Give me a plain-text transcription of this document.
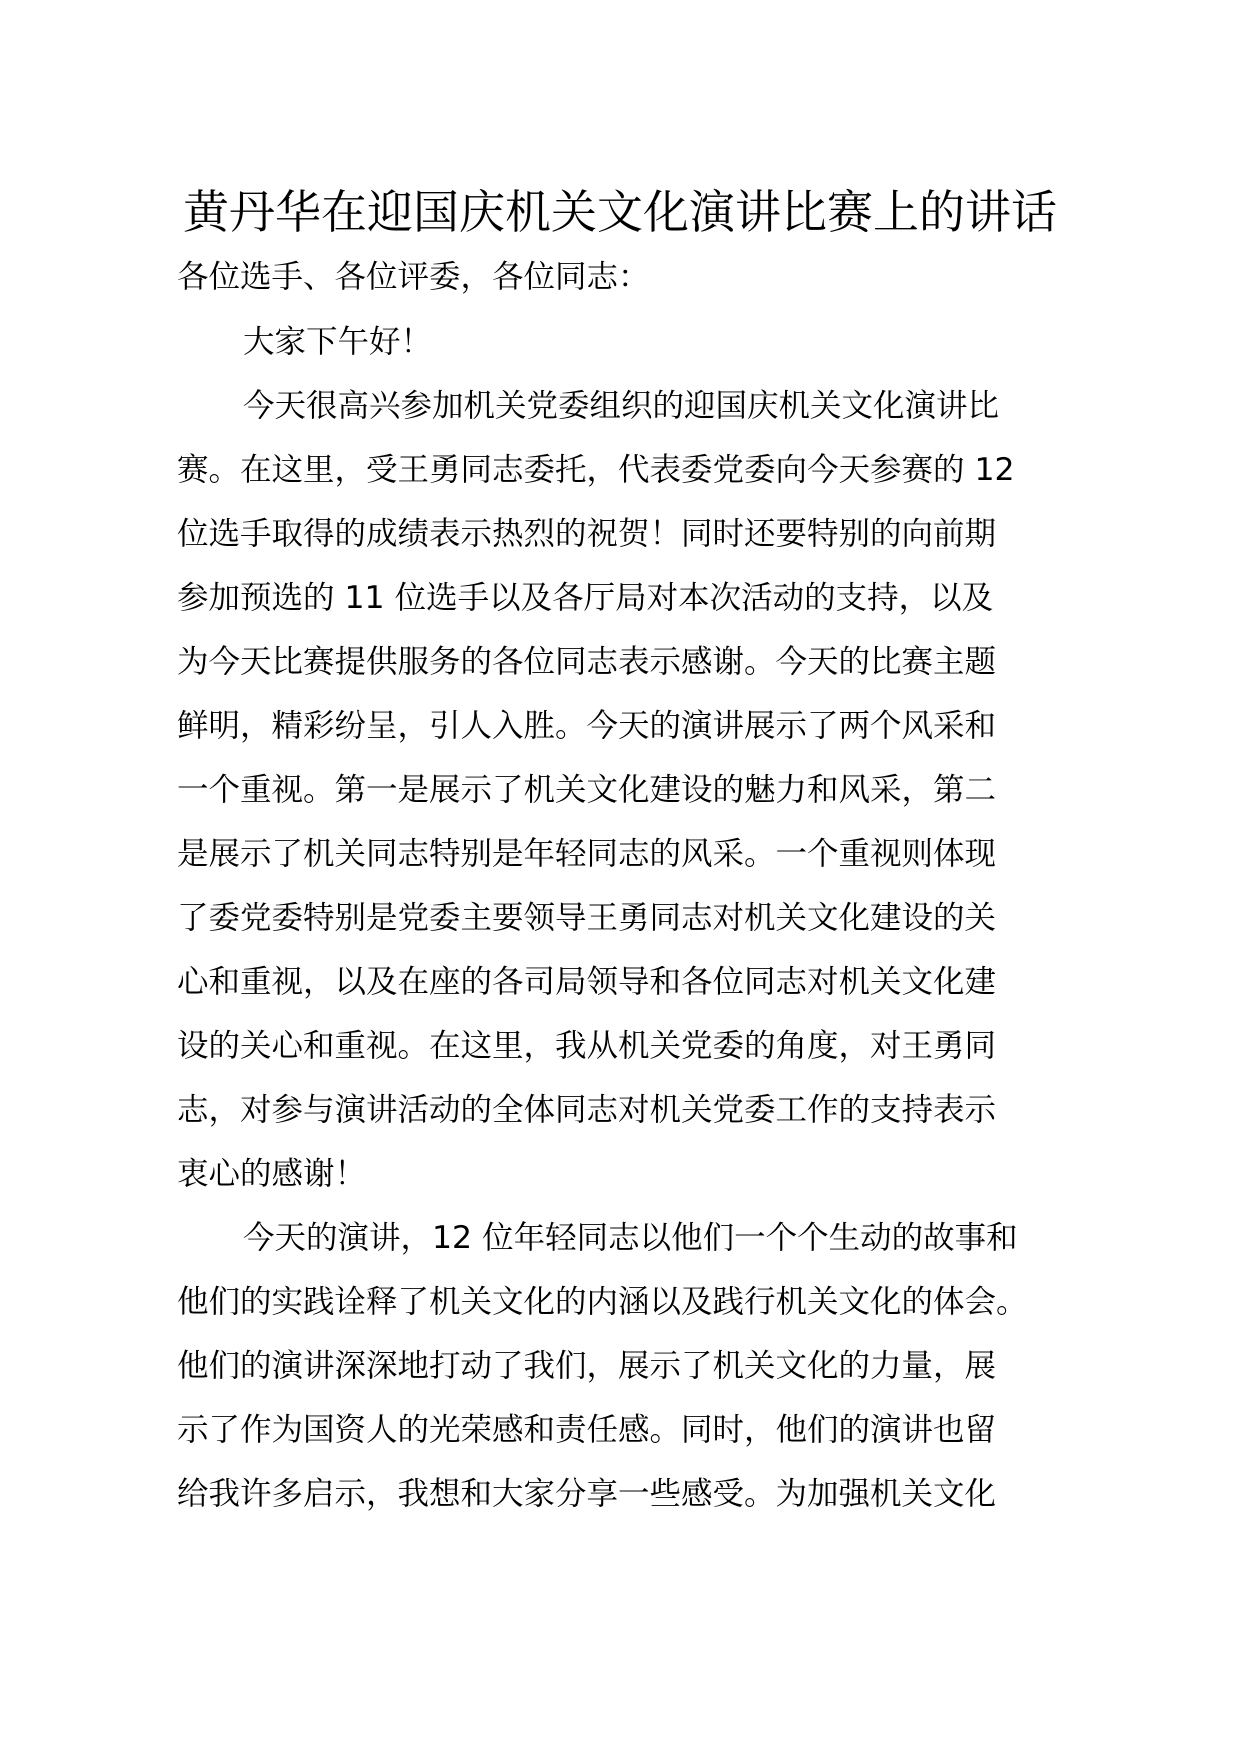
黄丹华在迎国庆机关文化演讲比赛上的讲话
各位选手、各位评委，各位同志：
大家下午好！
今天很高兴参加机关党委组织的迎国庆机关文化演讲比
赛。在这里，受王勇同志委托，代表委党委向今天参赛的 12
位选手取得的成绩表示热烈的祝贺！同时还要特别的向前期
参加预选的 11 位选手以及各厅局对本次活动的支持，以及
为今天比赛提供服务的各位同志表示感谢。今天的比赛主题
鲜明，精彩纷呈，引人入胜。今天的演讲展示了两个风采和
一个重视。第一是展示了机关文化建设的魅力和风采，第二
是展示了机关同志特别是年轻同志的风采。一个重视则体现
了委党委特别是党委主要领导王勇同志对机关文化建设的关
心和重视，以及在座的各司局领导和各位同志对机关文化建
设的关心和重视。在这里，我从机关党委的角度，对王勇同
志，对参与演讲活动的全体同志对机关党委工作的支持表示
衷心的感谢！
今天的演讲，12 位年轻同志以他们一个个生动的故事和
他们的实践诠释了机关文化的内涵以及践行机关文化的体会。
他们的演讲深深地打动了我们，展示了机关文化的力量，展
示了作为国资人的光荣感和责任感。同时，他们的演讲也留
给我许多启示，我想和大家分享一些感受。为加强机关文化
